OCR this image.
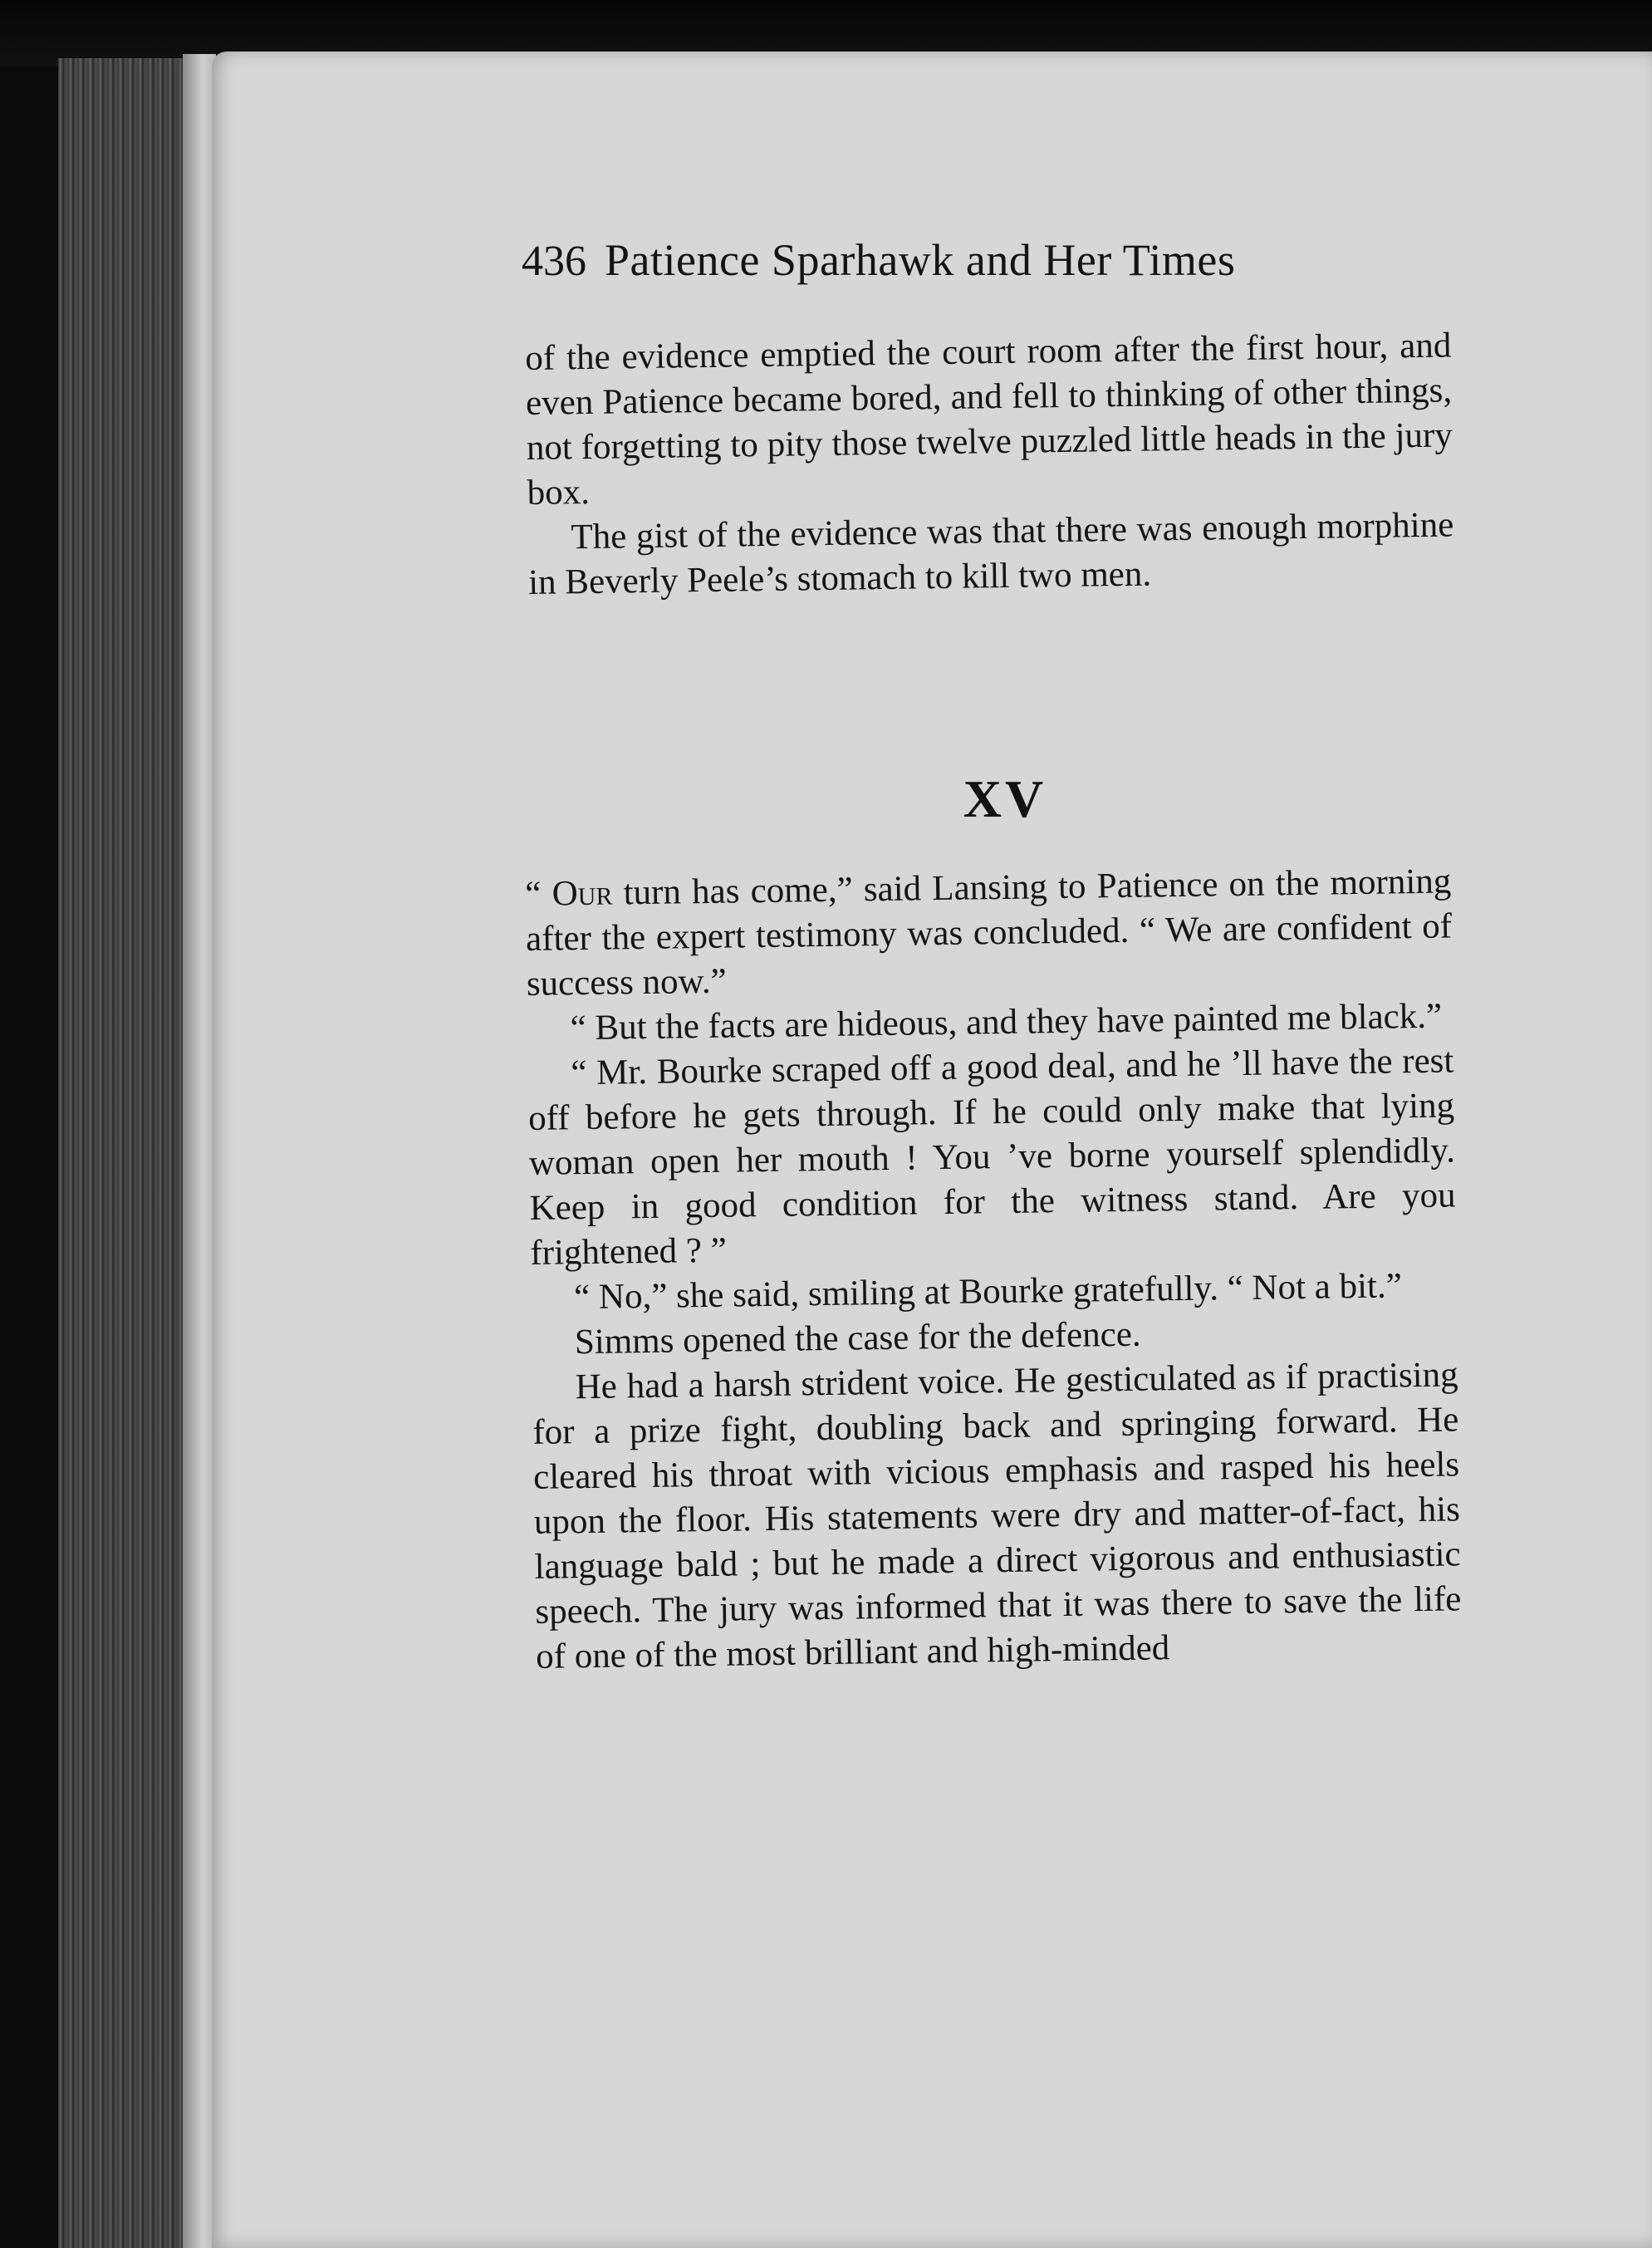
436 Patience Sparhawk and Her Times

of the evidence emptied the court room after the first hour, and even Patience became bored, and fell to thinking of other things, not forgetting to pity those twelve puzzled little heads in the jury box.

The gist of the evidence was that there was enough morphine in Beverly Peele’s stomach to kill two men.

XV

“ Our turn has come,” said Lansing to Patience on the morning after the expert testimony was concluded. “ We are confident of success now.”

“ But the facts are hideous, and they have painted me black.”

“ Mr. Bourke scraped off a good deal, and he ’ll have the rest off before he gets through. If he could only make that lying woman open her mouth ! You ’ve borne yourself splendidly. Keep in good condition for the witness stand. Are you frightened ? ”

“ No,” she said, smiling at Bourke gratefully. “ Not a bit.”

Simms opened the case for the defence.

He had a harsh strident voice. He gesticulated as if practising for a prize fight, doubling back and springing forward. He cleared his throat with vicious emphasis and rasped his heels upon the floor. His statements were dry and matter-of-fact, his language bald ; but he made a direct vigorous and enthusiastic speech. The jury was informed that it was there to save the life of one of the most brilliant and high-minded
